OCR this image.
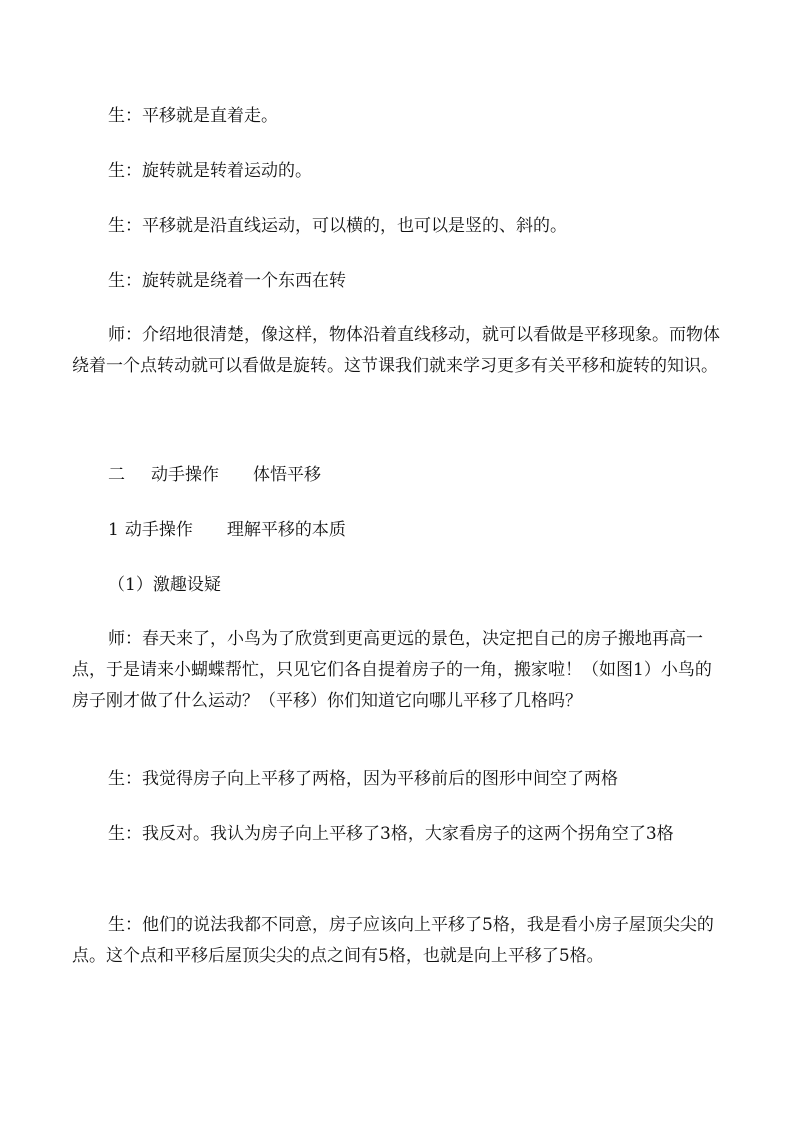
生：平移就是直着走。

生：旋转就是转着运动的。

生：平移就是沿直线运动，可以横的，也可以是竖的、斜的。

生：旋转就是绕着一个东西在转

师：介绍地很清楚，像这样，物体沿着直线移动，就可以看做是平移现象。而物体绕着一个点转动就可以看做是旋转。这节课我们就来学习更多有关平移和旋转的知识。

二 动手操作 体悟平移

1 动手操作 理解平移的本质

（1）激趣设疑

师：春天来了，小鸟为了欣赏到更高更远的景色，决定把自己的房子搬地再高一点，于是请来小蝴蝶帮忙，只见它们各自提着房子的一角，搬家啦！（如图1）小鸟的房子刚才做了什么运动？（平移）你们知道它向哪儿平移了几格吗？

生：我觉得房子向上平移了两格，因为平移前后的图形中间空了两格

生：我反对。我认为房子向上平移了3格，大家看房子的这两个拐角空了3格

生：他们的说法我都不同意，房子应该向上平移了5格，我是看小房子屋顶尖尖的点。这个点和平移后屋顶尖尖的点之间有5格，也就是向上平移了5格。
